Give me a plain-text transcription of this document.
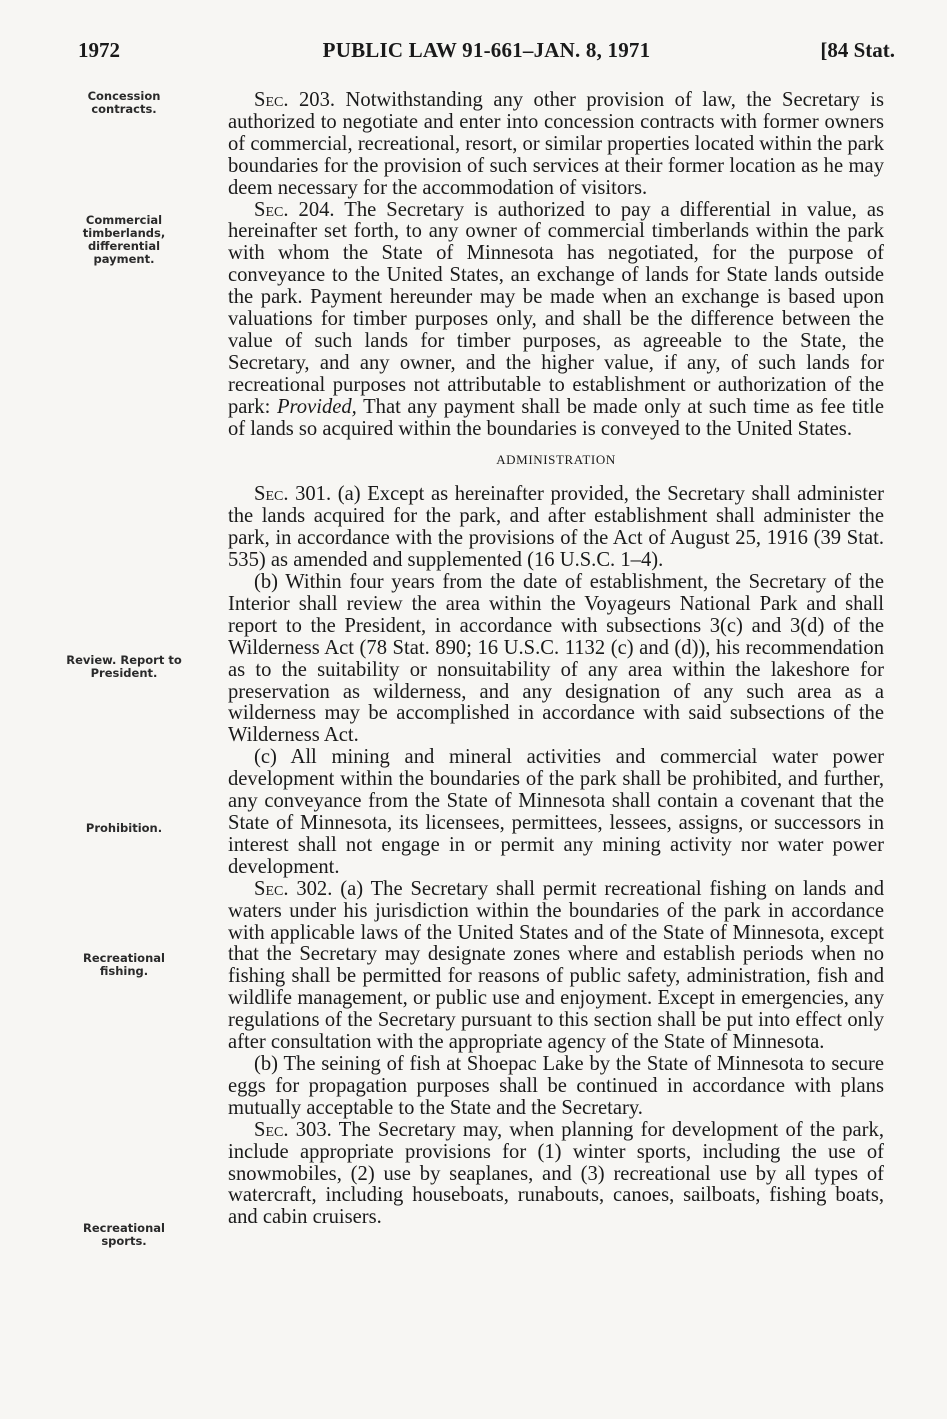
1972	PUBLIC LAW 91-661–JAN. 8, 1971	[84 Stat.
Concession contracts.
Commercial timberlands, differential payment.
Review. Report to President.
Prohibition.
Recreational fishing.
Recreational sports.

Sec. 203. Notwithstanding any other provision of law, the Secretary is authorized to negotiate and enter into concession contracts with former owners of commercial, recreational, resort, or similar properties located within the park boundaries for the provision of such services at their former location as he may deem necessary for the accommodation of visitors.

Sec. 204. The Secretary is authorized to pay a differential in value, as hereinafter set forth, to any owner of commercial timberlands within the park with whom the State of Minnesota has negotiated, for the purpose of conveyance to the United States, an exchange of lands for State lands outside the park. Payment hereunder may be made when an exchange is based upon valuations for timber purposes only, and shall be the difference between the value of such lands for timber purposes, as agreeable to the State, the Secretary, and any owner, and the higher value, if any, of such lands for recreational purposes not attributable to establishment or authorization of the park: Provided, That any payment shall be made only at such time as fee title of lands so acquired within the boundaries is conveyed to the United States.

ADMINISTRATION

Sec. 301. (a) Except as hereinafter provided, the Secretary shall administer the lands acquired for the park, and after establishment shall administer the park, in accordance with the provisions of the Act of August 25, 1916 (39 Stat. 535) as amended and supplemented (16 U.S.C. 1–4).

(b) Within four years from the date of establishment, the Secretary of the Interior shall review the area within the Voyageurs National Park and shall report to the President, in accordance with subsections 3(c) and 3(d) of the Wilderness Act (78 Stat. 890; 16 U.S.C. 1132 (c) and (d)), his recommendation as to the suitability or nonsuitability of any area within the lakeshore for preservation as wilderness, and any designation of any such area as a wilderness may be accomplished in accordance with said subsections of the Wilderness Act.

(c) All mining and mineral activities and commercial water power development within the boundaries of the park shall be prohibited, and further, any conveyance from the State of Minnesota shall contain a covenant that the State of Minnesota, its licensees, permittees, lessees, assigns, or successors in interest shall not engage in or permit any mining activity nor water power development.

Sec. 302. (a) The Secretary shall permit recreational fishing on lands and waters under his jurisdiction within the boundaries of the park in accordance with applicable laws of the United States and of the State of Minnesota, except that the Secretary may designate zones where and establish periods when no fishing shall be permitted for reasons of public safety, administration, fish and wildlife management, or public use and enjoyment. Except in emergencies, any regulations of the Secretary pursuant to this section shall be put into effect only after consultation with the appropriate agency of the State of Minnesota.

(b) The seining of fish at Shoepac Lake by the State of Minnesota to secure eggs for propagation purposes shall be continued in accordance with plans mutually acceptable to the State and the Secretary.

Sec. 303. The Secretary may, when planning for development of the park, include appropriate provisions for (1) winter sports, including the use of snowmobiles, (2) use by seaplanes, and (3) recreational use by all types of watercraft, including houseboats, runabouts, canoes, sailboats, fishing boats, and cabin cruisers.
